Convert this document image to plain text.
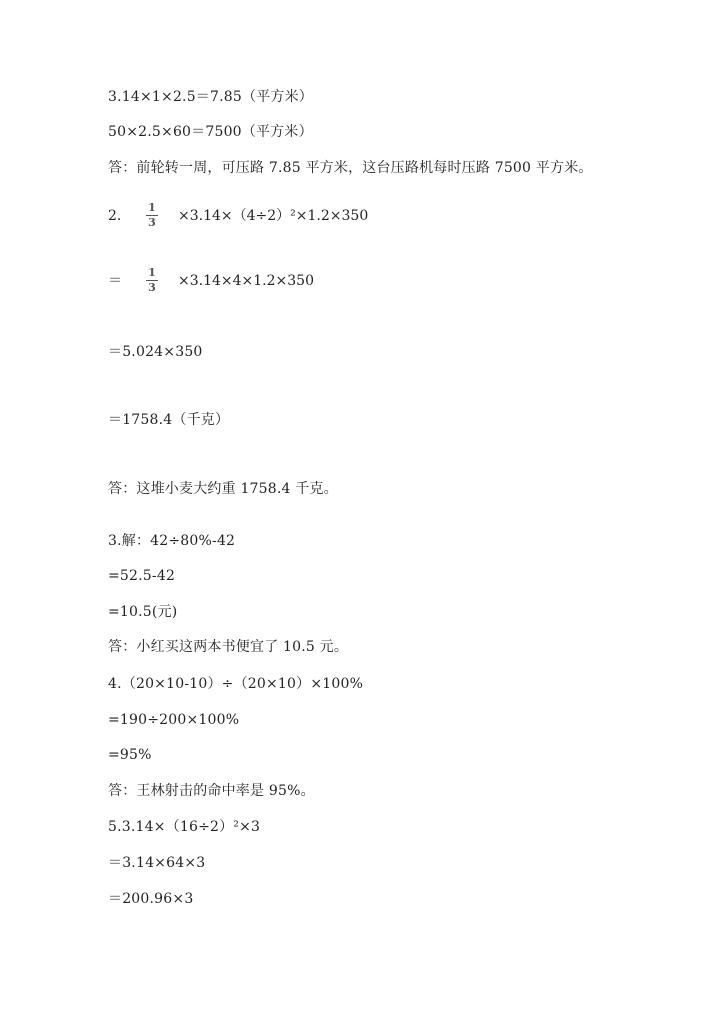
3.14×1×2.5＝7.85（平方米）
50×2.5×60＝7500（平方米）
答：前轮转一周，可压路 7.85 平方米，这台压路机每时压路 7500 平方米。
2.
1
3 ×3.14×（4÷2）²×1.2×350
＝
1
3 ×3.14×4×1.2×350
＝5.024×350
＝1758.4（千克）
答：这堆小麦大约重 1758.4 千克。
3.解：42÷80%-42
=52.5-42
=10.5(元)
答：小红买这两本书便宜了 10.5 元。
4.（20×10-10）÷（20×10）×100%
=190÷200×100%
=95%
答：王林射击的命中率是 95%。
5.3.14×（16÷2）²×3
＝3.14×64×3
＝200.96×3
